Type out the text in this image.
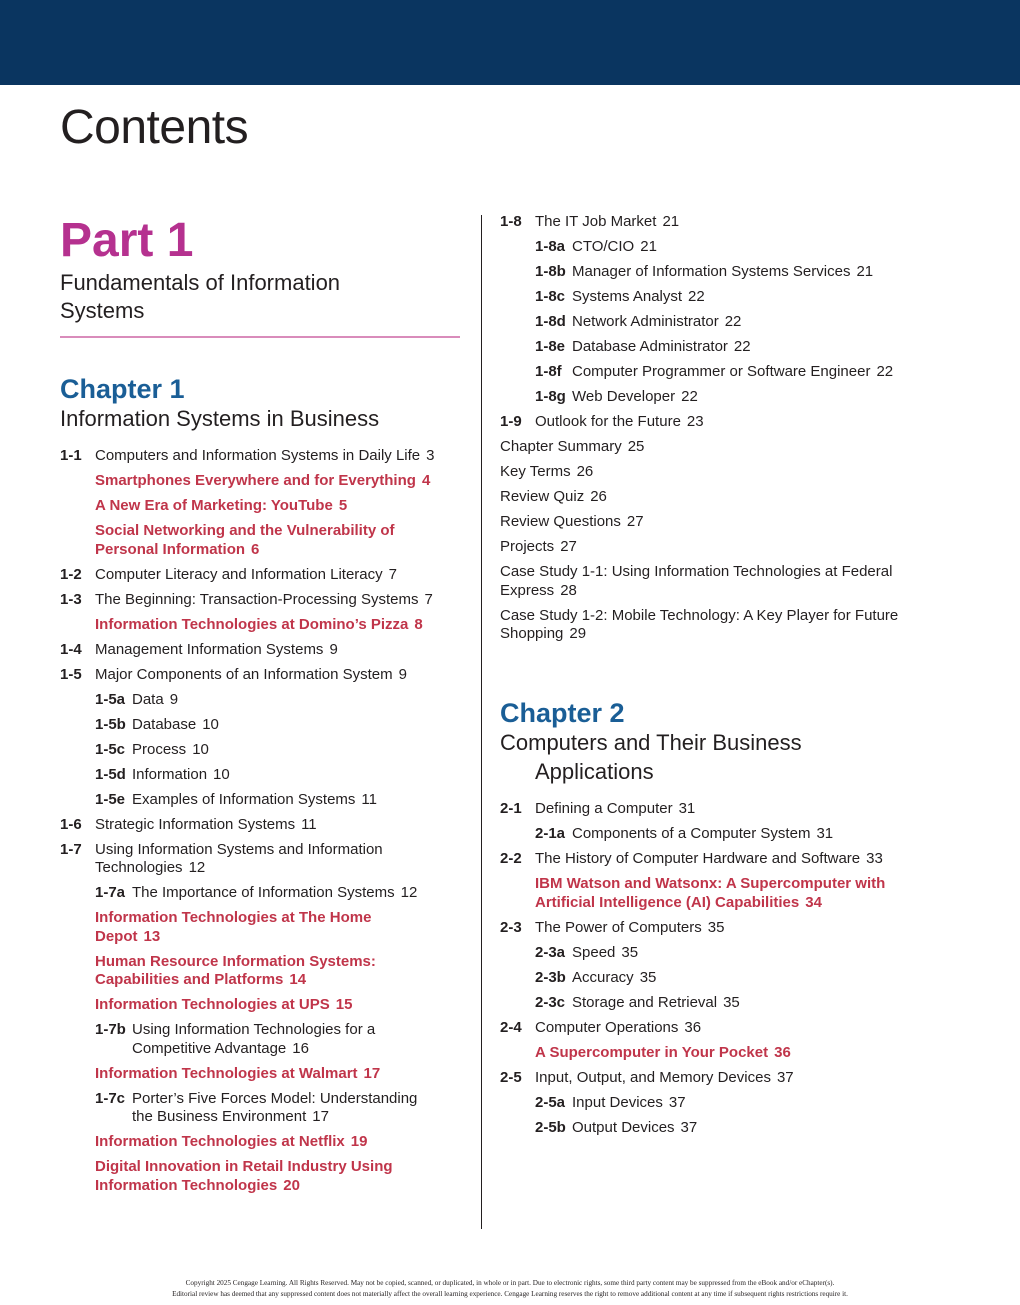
Contents
Part 1
Fundamentals of Information Systems
Chapter 1
Information Systems in Business
1-1 Computers and Information Systems in Daily Life 3
Smartphones Everywhere and for Everything 4
A New Era of Marketing: YouTube 5
Social Networking and the Vulnerability of Personal Information 6
1-2 Computer Literacy and Information Literacy 7
1-3 The Beginning: Transaction-Processing Systems 7
Information Technologies at Domino’s Pizza 8
1-4 Management Information Systems 9
1-5 Major Components of an Information System 9
1-5a Data 9
1-5b Database 10
1-5c Process 10
1-5d Information 10
1-5e Examples of Information Systems 11
1-6 Strategic Information Systems 11
1-7 Using Information Systems and Information Technologies 12
1-7a The Importance of Information Systems 12
Information Technologies at The Home Depot 13
Human Resource Information Systems: Capabilities and Platforms 14
Information Technologies at UPS 15
1-7b Using Information Technologies for a Competitive Advantage 16
Information Technologies at Walmart 17
1-7c Porter’s Five Forces Model: Understanding the Business Environment 17
Information Technologies at Netflix 19
Digital Innovation in Retail Industry Using Information Technologies 20
1-8 The IT Job Market 21
1-8a CTO/CIO 21
1-8b Manager of Information Systems Services 21
1-8c Systems Analyst 22
1-8d Network Administrator 22
1-8e Database Administrator 22
1-8f Computer Programmer or Software Engineer 22
1-8g Web Developer 22
1-9 Outlook for the Future 23
Chapter Summary 25
Key Terms 26
Review Quiz 26
Review Questions 27
Projects 27
Case Study 1-1: Using Information Technologies at Federal Express 28
Case Study 1-2: Mobile Technology: A Key Player for Future Shopping 29
Chapter 2
Computers and Their Business
Applications
2-1 Defining a Computer 31
2-1a Components of a Computer System 31
2-2 The History of Computer Hardware and Software 33
IBM Watson and Watsonx: A Supercomputer with Artificial Intelligence (AI) Capabilities 34
2-3 The Power of Computers 35
2-3a Speed 35
2-3b Accuracy 35
2-3c Storage and Retrieval 35
2-4 Computer Operations 36
A Supercomputer in Your Pocket 36
2-5 Input, Output, and Memory Devices 37
2-5a Input Devices 37
2-5b Output Devices 37
Copyright 2025 Cengage Learning. All Rights Reserved. May not be copied, scanned, or duplicated, in whole or in part. Due to electronic rights, some third party content may be suppressed from the eBook and/or eChapter(s).
Editorial review has deemed that any suppressed content does not materially affect the overall learning experience. Cengage Learning reserves the right to remove additional content at any time if subsequent rights restrictions require it.
